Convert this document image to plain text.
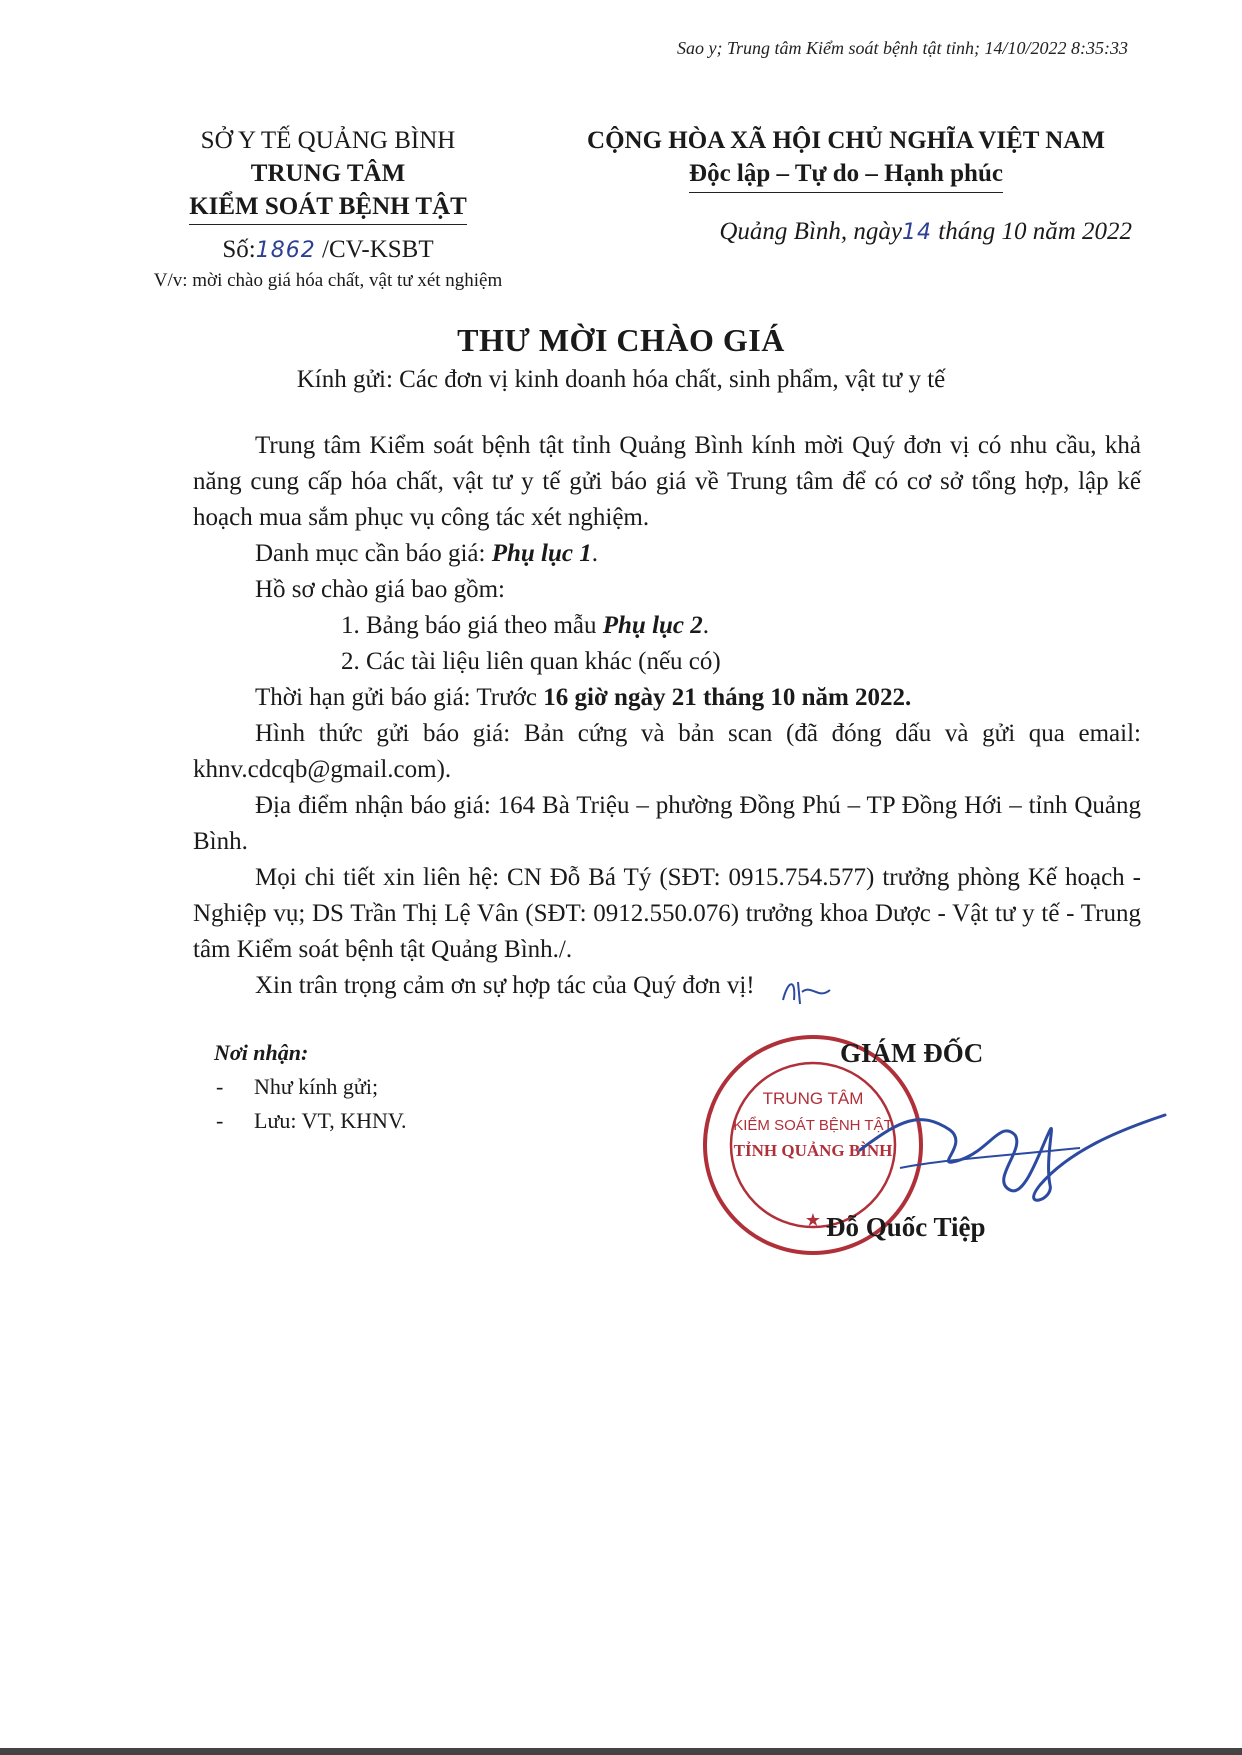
Sao y; Trung tâm Kiểm soát bệnh tật tỉnh; 14/10/2022 8:35:33
SỞ Y TẾ QUẢNG BÌNH
TRUNG TÂM
KIỂM SOÁT BỆNH TẬT
Số:1862 /CV-KSBT
V/v: mời chào giá hóa chất, vật tư xét nghiệm
CỘNG HÒA XÃ HỘI CHỦ NGHĨA VIỆT NAM
Độc lập – Tự do – Hạnh phúc
Quảng Bình, ngày14 tháng 10 năm 2022
THƯ MỜI CHÀO GIÁ
Kính gửi: Các đơn vị kinh doanh hóa chất, sinh phẩm, vật tư y tế

Trung tâm Kiểm soát bệnh tật tỉnh Quảng Bình kính mời Quý đơn vị có nhu cầu, khả năng cung cấp hóa chất, vật tư y tế gửi báo giá về Trung tâm để có cơ sở tổng hợp, lập kế hoạch mua sắm phục vụ công tác xét nghiệm.

Danh mục cần báo giá: Phụ lục 1.

Hồ sơ chào giá bao gồm:

1. Bảng báo giá theo mẫu Phụ lục 2.

2. Các tài liệu liên quan khác (nếu có)

Thời hạn gửi báo giá: Trước 16 giờ ngày 21 tháng 10 năm 2022.

Hình thức gửi báo giá: Bản cứng và bản scan (đã đóng dấu và gửi qua email: khnv.cdcqb@gmail.com).

Địa điểm nhận báo giá: 164 Bà Triệu – phường Đồng Phú – TP Đồng Hới – tỉnh Quảng Bình.

Mọi chi tiết xin liên hệ: CN Đỗ Bá Tý (SĐT: 0915.754.577) trưởng phòng Kế hoạch - Nghiệp vụ; DS Trần Thị Lệ Vân (SĐT: 0912.550.076) trưởng khoa Dược - Vật tư y tế - Trung tâm Kiểm soát bệnh tật Quảng Bình./.

Xin trân trọng cảm ơn sự hợp tác của Quý đơn vị!

Nơi nhận:
- Như kính gửi;
- Lưu: VT, KHNV.
TRUNG TÂM
KIỂM SOÁT BỆNH TẬT
TỈNH QUẢNG BÌNH
★
GIÁM ĐỐC
Đỗ Quốc Tiệp
